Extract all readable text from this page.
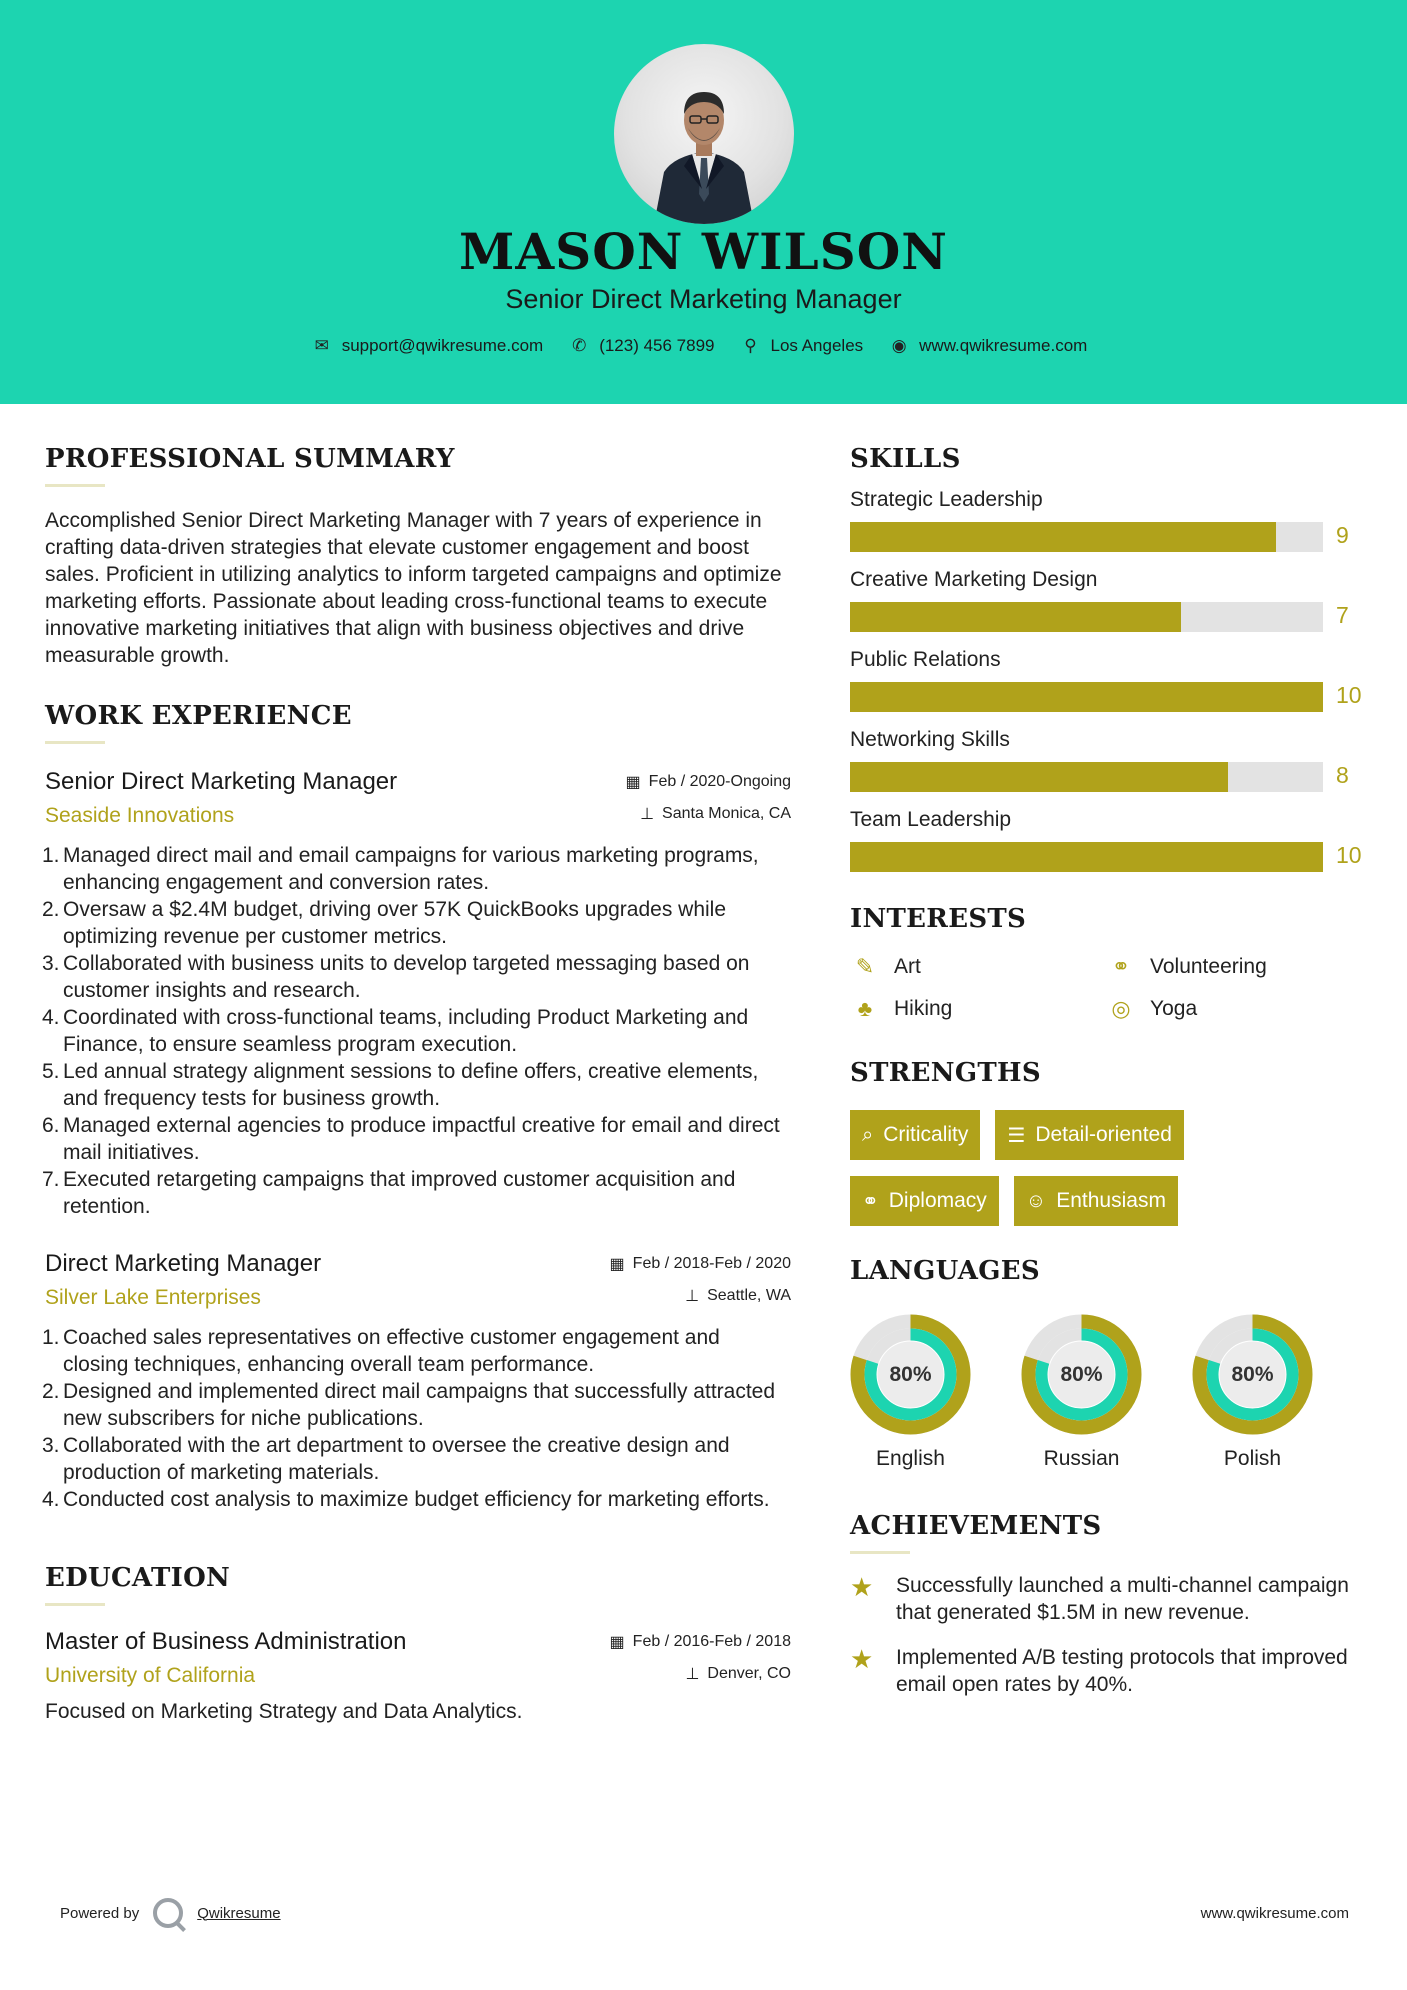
MASON WILSON
Senior Direct Marketing Manager
✉ support@qwikresume.com ✆ (123) 456 7899 ⚲ Los Angeles ◉ www.qwikresume.com
PROFESSIONAL SUMMARY

Accomplished Senior Direct Marketing Manager with 7 years of experience in crafting data-driven strategies that elevate customer engagement and boost sales. Proficient in utilizing analytics to inform targeted campaigns and optimize marketing efforts. Passionate about leading cross-functional teams to execute innovative marketing initiatives that align with business objectives and drive measurable growth.

WORK EXPERIENCE
Senior Direct Marketing Manager
Seaside Innovations
▦ Feb / 2020-Ongoing
⊥ Santa Monica, CA
1. Managed direct mail and email campaigns for various marketing programs, enhancing engagement and conversion rates.
2. Oversaw a $2.4M budget, driving over 57K QuickBooks upgrades while optimizing revenue per customer metrics.
3. Collaborated with business units to develop targeted messaging based on customer insights and research.
4. Coordinated with cross-functional teams, including Product Marketing and Finance, to ensure seamless program execution.
5. Led annual strategy alignment sessions to define offers, creative elements, and frequency tests for business growth.
6. Managed external agencies to produce impactful creative for email and direct mail initiatives.
7. Executed retargeting campaigns that improved customer acquisition and retention.
Direct Marketing Manager
Silver Lake Enterprises
▦ Feb / 2018-Feb / 2020
⊥ Seattle, WA
1. Coached sales representatives on effective customer engagement and closing techniques, enhancing overall team performance.
2. Designed and implemented direct mail campaigns that successfully attracted new subscribers for niche publications.
3. Collaborated with the art department to oversee the creative design and production of marketing materials.
4. Conducted cost analysis to maximize budget efficiency for marketing efforts.
EDUCATION
Master of Business Administration
University of California
▦ Feb / 2016-Feb / 2018
⊥ Denver, CO

Focused on Marketing Strategy and Data Analytics.

SKILLS
Strategic Leadership
9
Creative Marketing Design
7
Public Relations
10
Networking Skills
8
Team Leadership
10
INTERESTS
✎ Art	⚭ Volunteering
♣	Hiking	◎ Yoga
STRENGTHS
⌕ Criticality ☰ Detail-oriented
⚭ Diplomacy ☺ Enthusiasm
LANGUAGES
80%
English
80%
Russian
80%
Polish
ACHIEVEMENTS
★	Successfully launched a multi-channel campaign that generated $1.5M in new revenue.
★	Implemented A/B testing protocols that improved email open rates by 40%.
Powered by	Qwikresume	www.qwikresume.com
